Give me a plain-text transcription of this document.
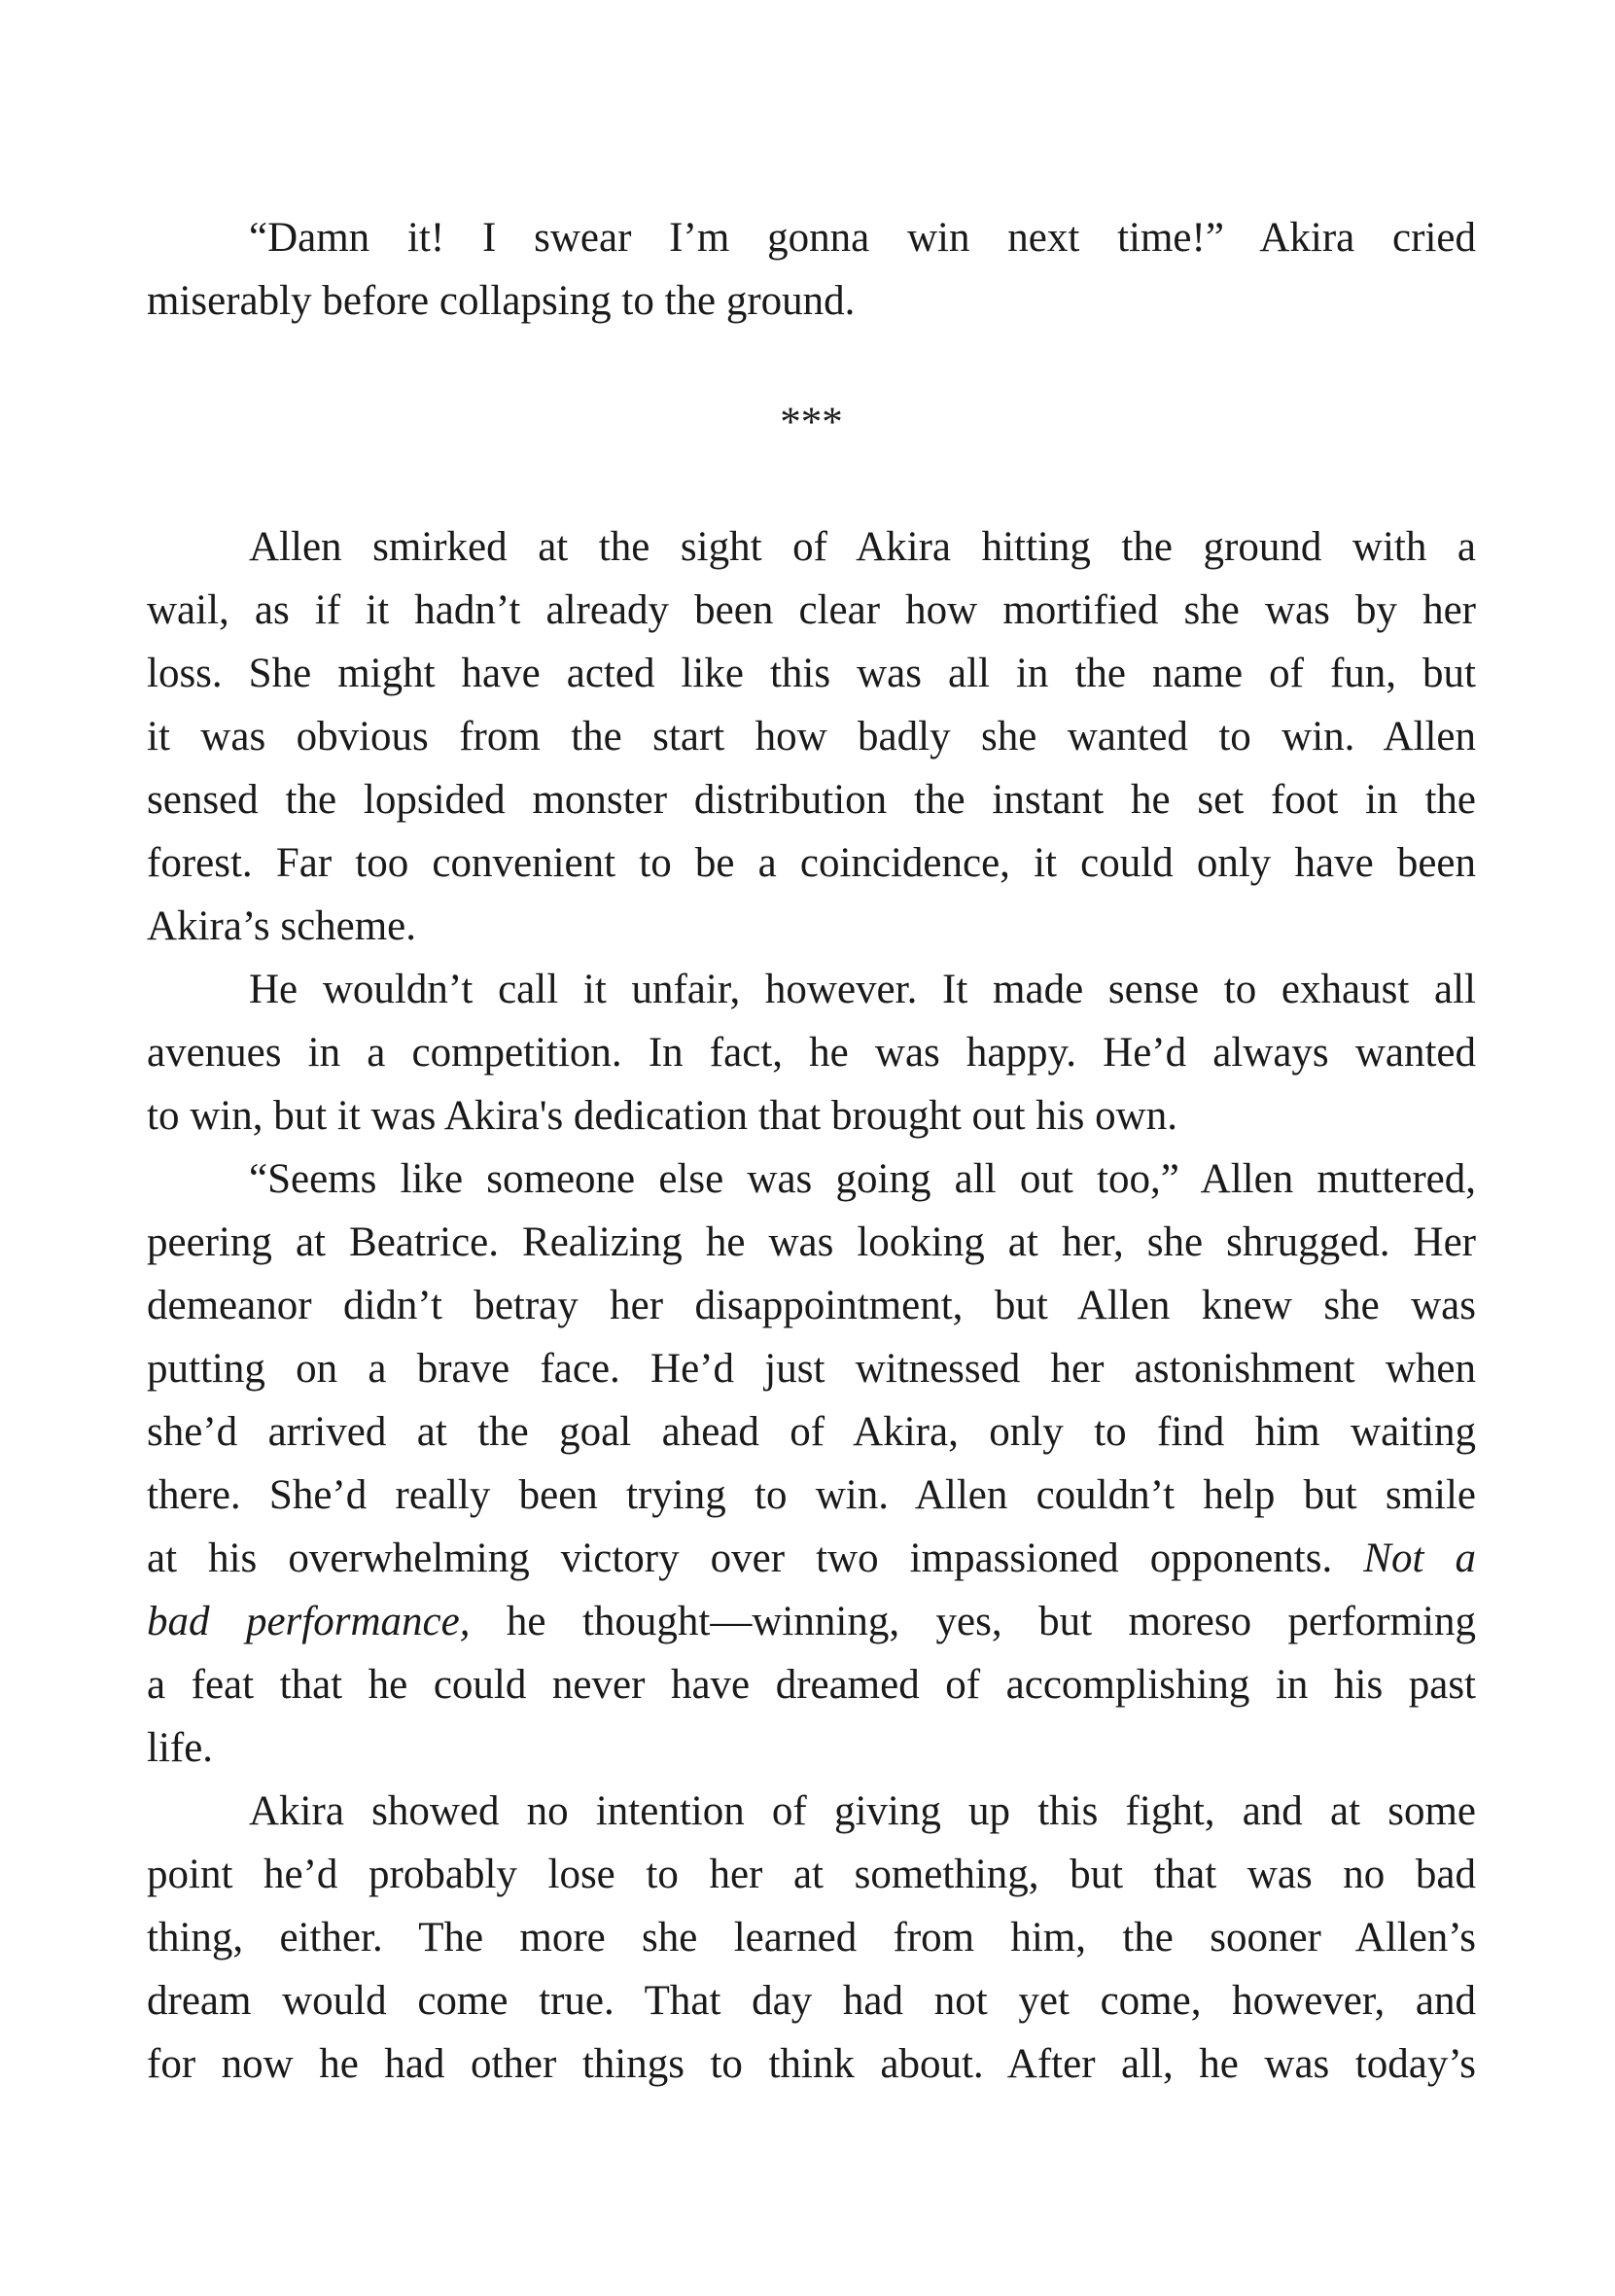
“Damn it! I swear I’m gonna win next time!” Akira cried
miserably before collapsing to the ground.
***
Allen smirked at the sight of Akira hitting the ground with a
wail, as if it hadn’t already been clear how mortified she was by her
loss. She might have acted like this was all in the name of fun, but
it was obvious from the start how badly she wanted to win. Allen
sensed the lopsided monster distribution the instant he set foot in the
forest. Far too convenient to be a coincidence, it could only have been
Akira’s scheme.
He wouldn’t call it unfair, however. It made sense to exhaust all
avenues in a competition. In fact, he was happy. He’d always wanted
to win, but it was Akira's dedication that brought out his own.
“Seems like someone else was going all out too,” Allen muttered,
peering at Beatrice. Realizing he was looking at her, she shrugged. Her
demeanor didn’t betray her disappointment, but Allen knew she was
putting on a brave face. He’d just witnessed her astonishment when
she’d arrived at the goal ahead of Akira, only to find him waiting
there. She’d really been trying to win. Allen couldn’t help but smile
at his overwhelming victory over two impassioned opponents. Not a
bad performance, he thought—winning, yes, but moreso performing
a feat that he could never have dreamed of accomplishing in his past
life.
Akira showed no intention of giving up this fight, and at some
point he’d probably lose to her at something, but that was no bad
thing, either. The more she learned from him, the sooner Allen’s
dream would come true. That day had not yet come, however, and
for now he had other things to think about. After all, he was today’s
